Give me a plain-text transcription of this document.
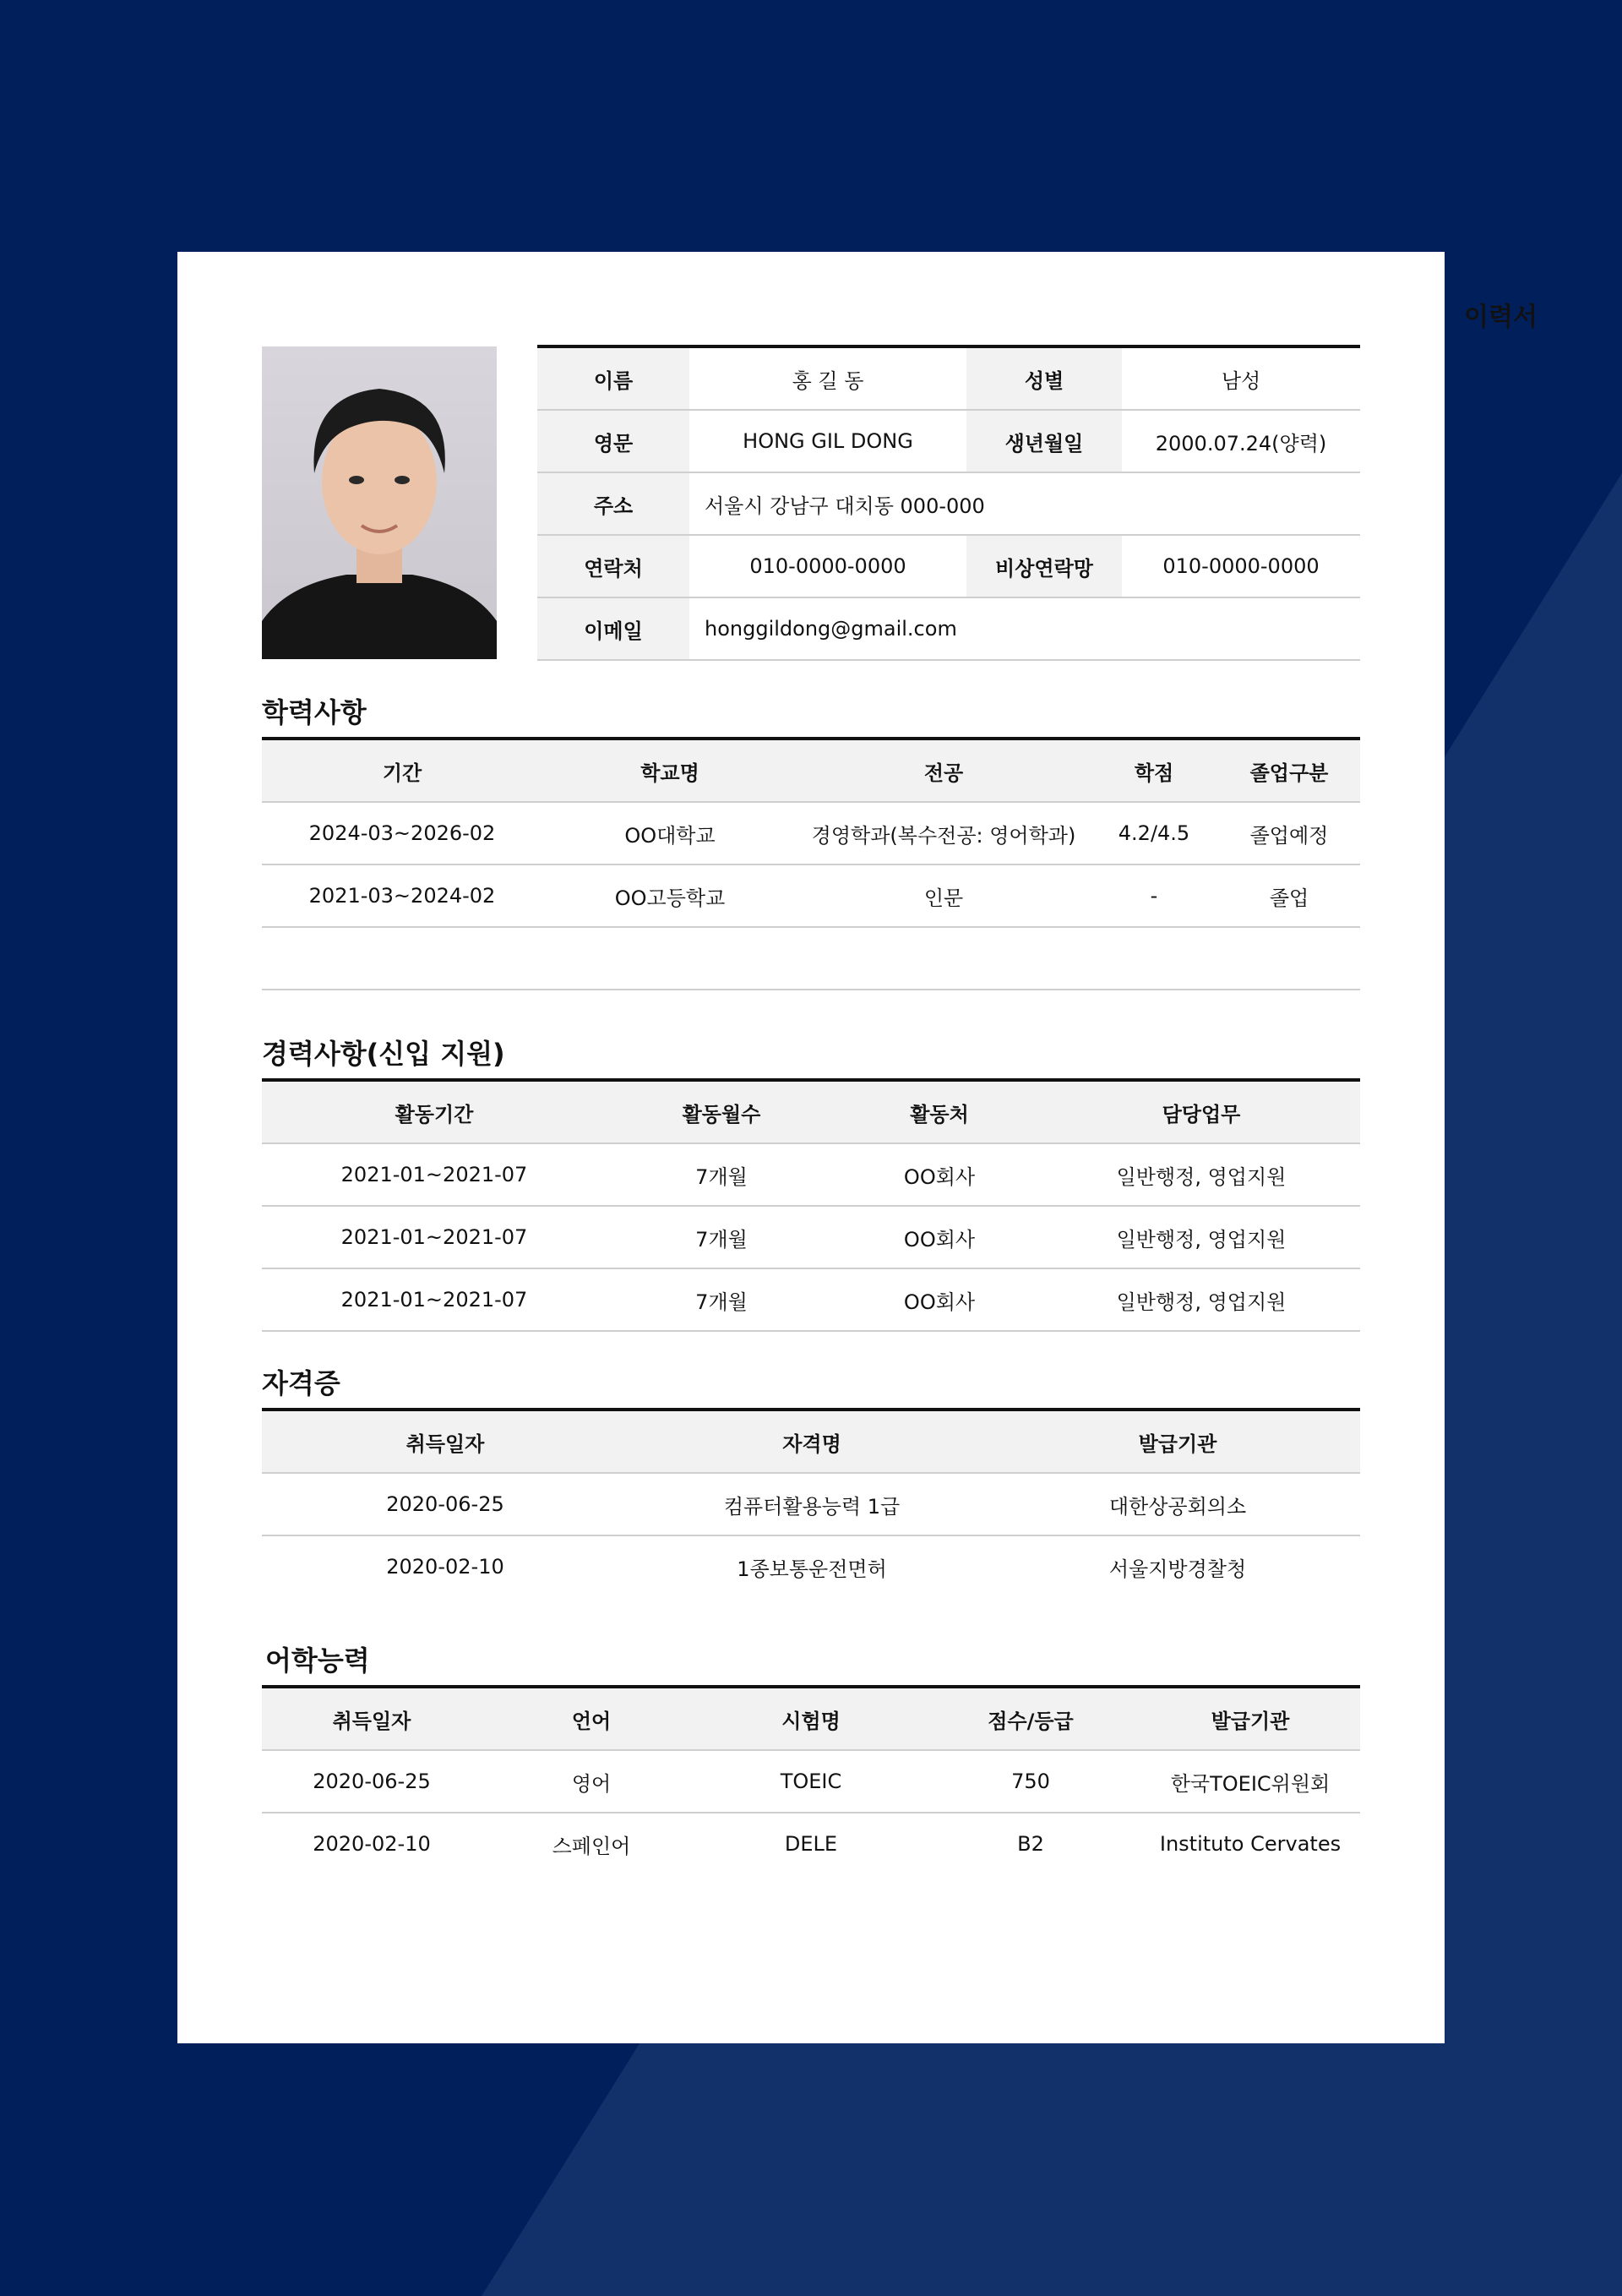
이력서
이름	홍 길 동	성별	남성
영문	HONG GIL DONG	생년월일	2000.07.24(양력)
주소	서울시 강남구 대치동 000-000		
연락처	010-0000-0000	비상연락망	010-0000-0000
이메일	honggildong@gmail.com		
학력사항
기간	학교명	전공	학점	졸업구분
2024-03~2026-02	OO대학교	경영학과(복수전공: 영어학과)	4.2/4.5	졸업예정
2021-03~2024-02	OO고등학교	인문	-	졸업

경력사항(신입 지원)
활동기간	활동월수	활동처	담당업무
2021-01~2021-07	7개월	OO회사	일반행정, 영업지원
2021-01~2021-07	7개월	OO회사	일반행정, 영업지원
2021-01~2021-07	7개월	OO회사	일반행정, 영업지원
자격증
취득일자	자격명	발급기관
2020-06-25	컴퓨터활용능력 1급	대한상공회의소
2020-02-10	1종보통운전면허	서울지방경찰청
어학능력
취득일자	언어	시험명	점수/등급	발급기관
2020-06-25	영어	TOEIC	750	한국TOEIC위원회
2020-02-10	스페인어	DELE	B2	Instituto Cervates
